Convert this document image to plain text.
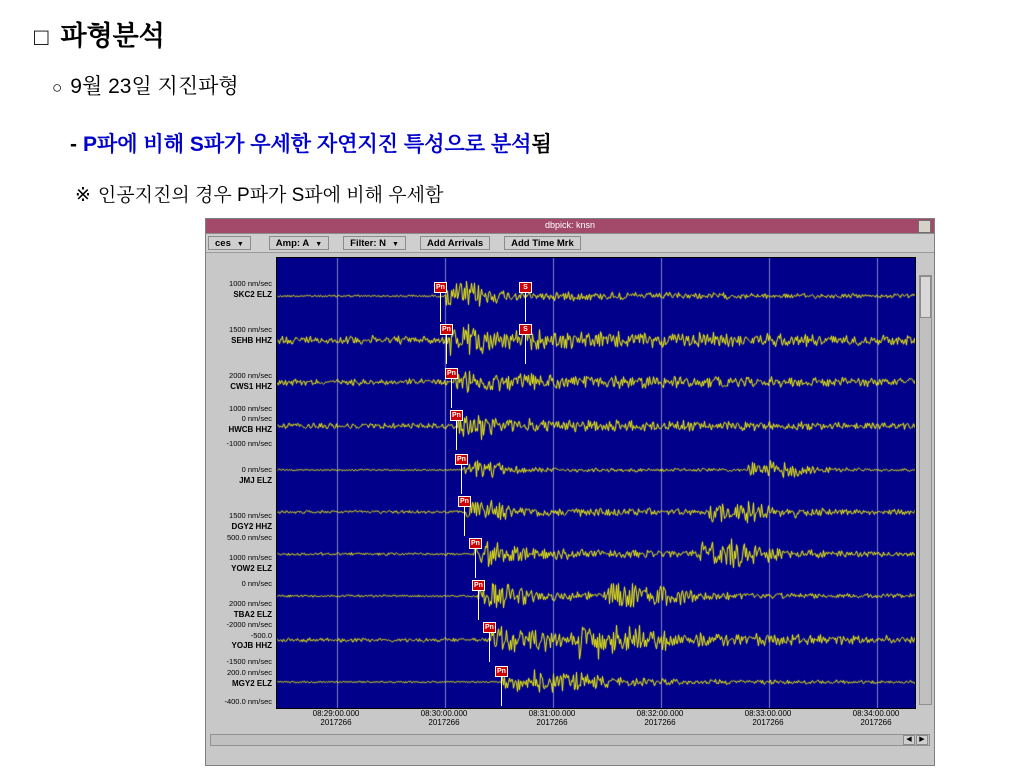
□ 파형분석
○ 9월 23일 지진파형
- P파에 비해 S파가 우세한 자연지진 특성으로 분석됨
※ 인공지진의 경우 P파가 S파에 비해 우세함
dbpick: knsn
ces ▼	Amp: A ▼	Filter: N ▼	Add Arrivals	Add Time Mrk
1000 nm/sec
SKC2 ELZ
1500 nm/sec
SEHB HHZ
2000 nm/sec
CWS1 HHZ
1000 nm/sec
0 nm/sec
HWCB HHZ
-1000 nm/sec
0 nm/sec
JMJ ELZ
1500 nm/sec
DGY2 HHZ
500.0 nm/sec
1000 nm/sec
YOW2 ELZ
0 nm/sec
2000 nm/sec
TBA2 ELZ
-2000 nm/sec
-500.0
YOJB HHZ
-1500 nm/sec
200.0 nm/sec
MGY2 ELZ
-400.0 nm/sec
Pn	S
Pn	S
Pn
Pn
Pn
Pn
Pn
Pn
Pn
Pn
08:29:00.000
2017266
08:30:00.000
2017266
08:31:00.000
2017266
08:32:00.000
2017266
08:33:00.000
2017266
08:34:00.000
2017266
◀	▶
